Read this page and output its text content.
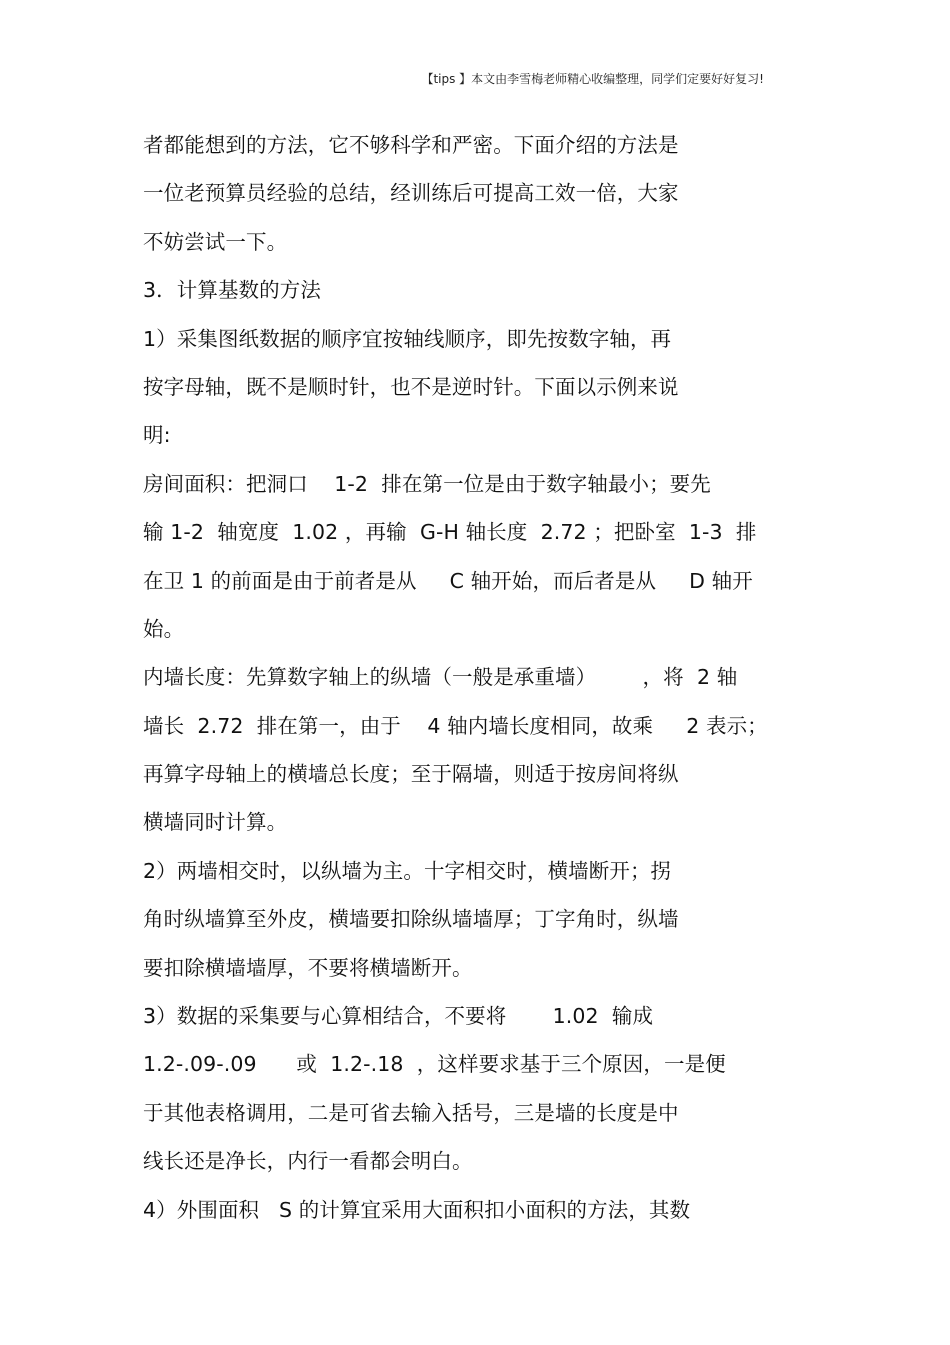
【tips 】本文由李雪梅老师精心收编整理，同学们定要好好复习!
者都能想到的方法，它不够科学和严密。下面介绍的方法是
一位老预算员经验的总结，经训练后可提高工效一倍，大家
不妨尝试一下。
3．计算基数的方法
1）采集图纸数据的顺序宜按轴线顺序，即先按数字轴，再
按字母轴，既不是顺时针，也不是逆时针。下面以示例来说
明:
房间面积：把洞口    1-2  排在第一位是由于数字轴最小；要先
输 1-2  轴宽度  1.02 ，再输  G-H 轴长度  2.72 ；把卧室  1-3  排
在卫 1 的前面是由于前者是从     C 轴开始，而后者是从     D 轴开
始。
内墙长度：先算数字轴上的纵墙（一般是承重墙）       ，将  2 轴
墙长  2.72  排在第一，由于    4 轴内墙长度相同，故乘     2 表示；
再算字母轴上的横墙总长度；至于隔墙，则适于按房间将纵
横墙同时计算。
2）两墙相交时，以纵墙为主。十字相交时，横墙断开；拐
角时纵墙算至外皮，横墙要扣除纵墙墙厚；丁字角时，纵墙
要扣除横墙墙厚，不要将横墙断开。
3）数据的采集要与心算相结合，不要将       1.02  输成
1.2-.09-.09      或  1.2-.18  ，这样要求基于三个原因，一是便
于其他表格调用，二是可省去输入括号，三是墙的长度是中
线长还是净长，内行一看都会明白。
4）外围面积   S 的计算宜采用大面积扣小面积的方法，其数
